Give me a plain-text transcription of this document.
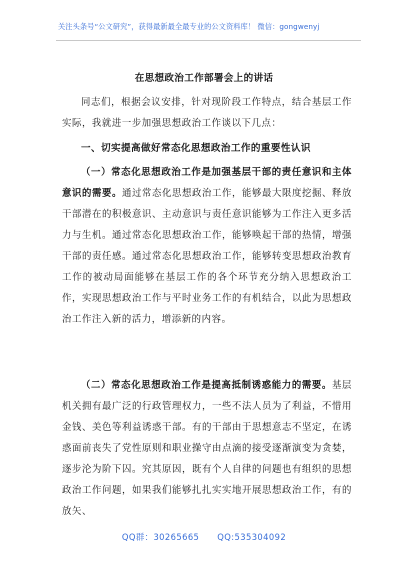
关注头条号“公文研究”，获得最新最全最专业的公文资料库！ 微信：gongwenyj
在思想政治工作部署会上的讲话
同志们，根据会议安排，针对现阶段工作特点，结合基层工作实际，我就进一步加强思想政治工作谈以下几点：
一、切实提高做好常态化思想政治工作的重要性认识
（一）常态化思想政治工作是加强基层干部的责任意识和主体意识的需要。通过常态化思想政治工作，能够最大限度挖掘、释放干部潜在的积极意识、主动意识与责任意识能够为工作注入更多活力与生机。通过常态化思想政治工作，能够唤起干部的热情，增强干部的责任感。通过常态化思想政治工作，能够转变思想政治教育工作的被动局面能够在基层工作的各个环节充分纳入思想政治工作，实现思想政治工作与平时业务工作的有机结合，以此为思想政治工作注入新的活力，增添新的内容。
（二）常态化思想政治工作是提高抵制诱惑能力的需要。基层机关拥有最广泛的行政管理权力，一些不法人员为了利益，不惜用金钱、美色等利益诱惑干部。有的干部由于思想意志不坚定，在诱惑面前丧失了党性原则和职业操守由点滴的接受逐渐演变为贪婪，逐步沦为阶下囚。究其原因，既有个人自律的问题也有组织的思想政治工作问题，如果我们能够扎扎实实地开展思想政治工作，有的放矢、
QQ群：30265665 QQ:535304092
